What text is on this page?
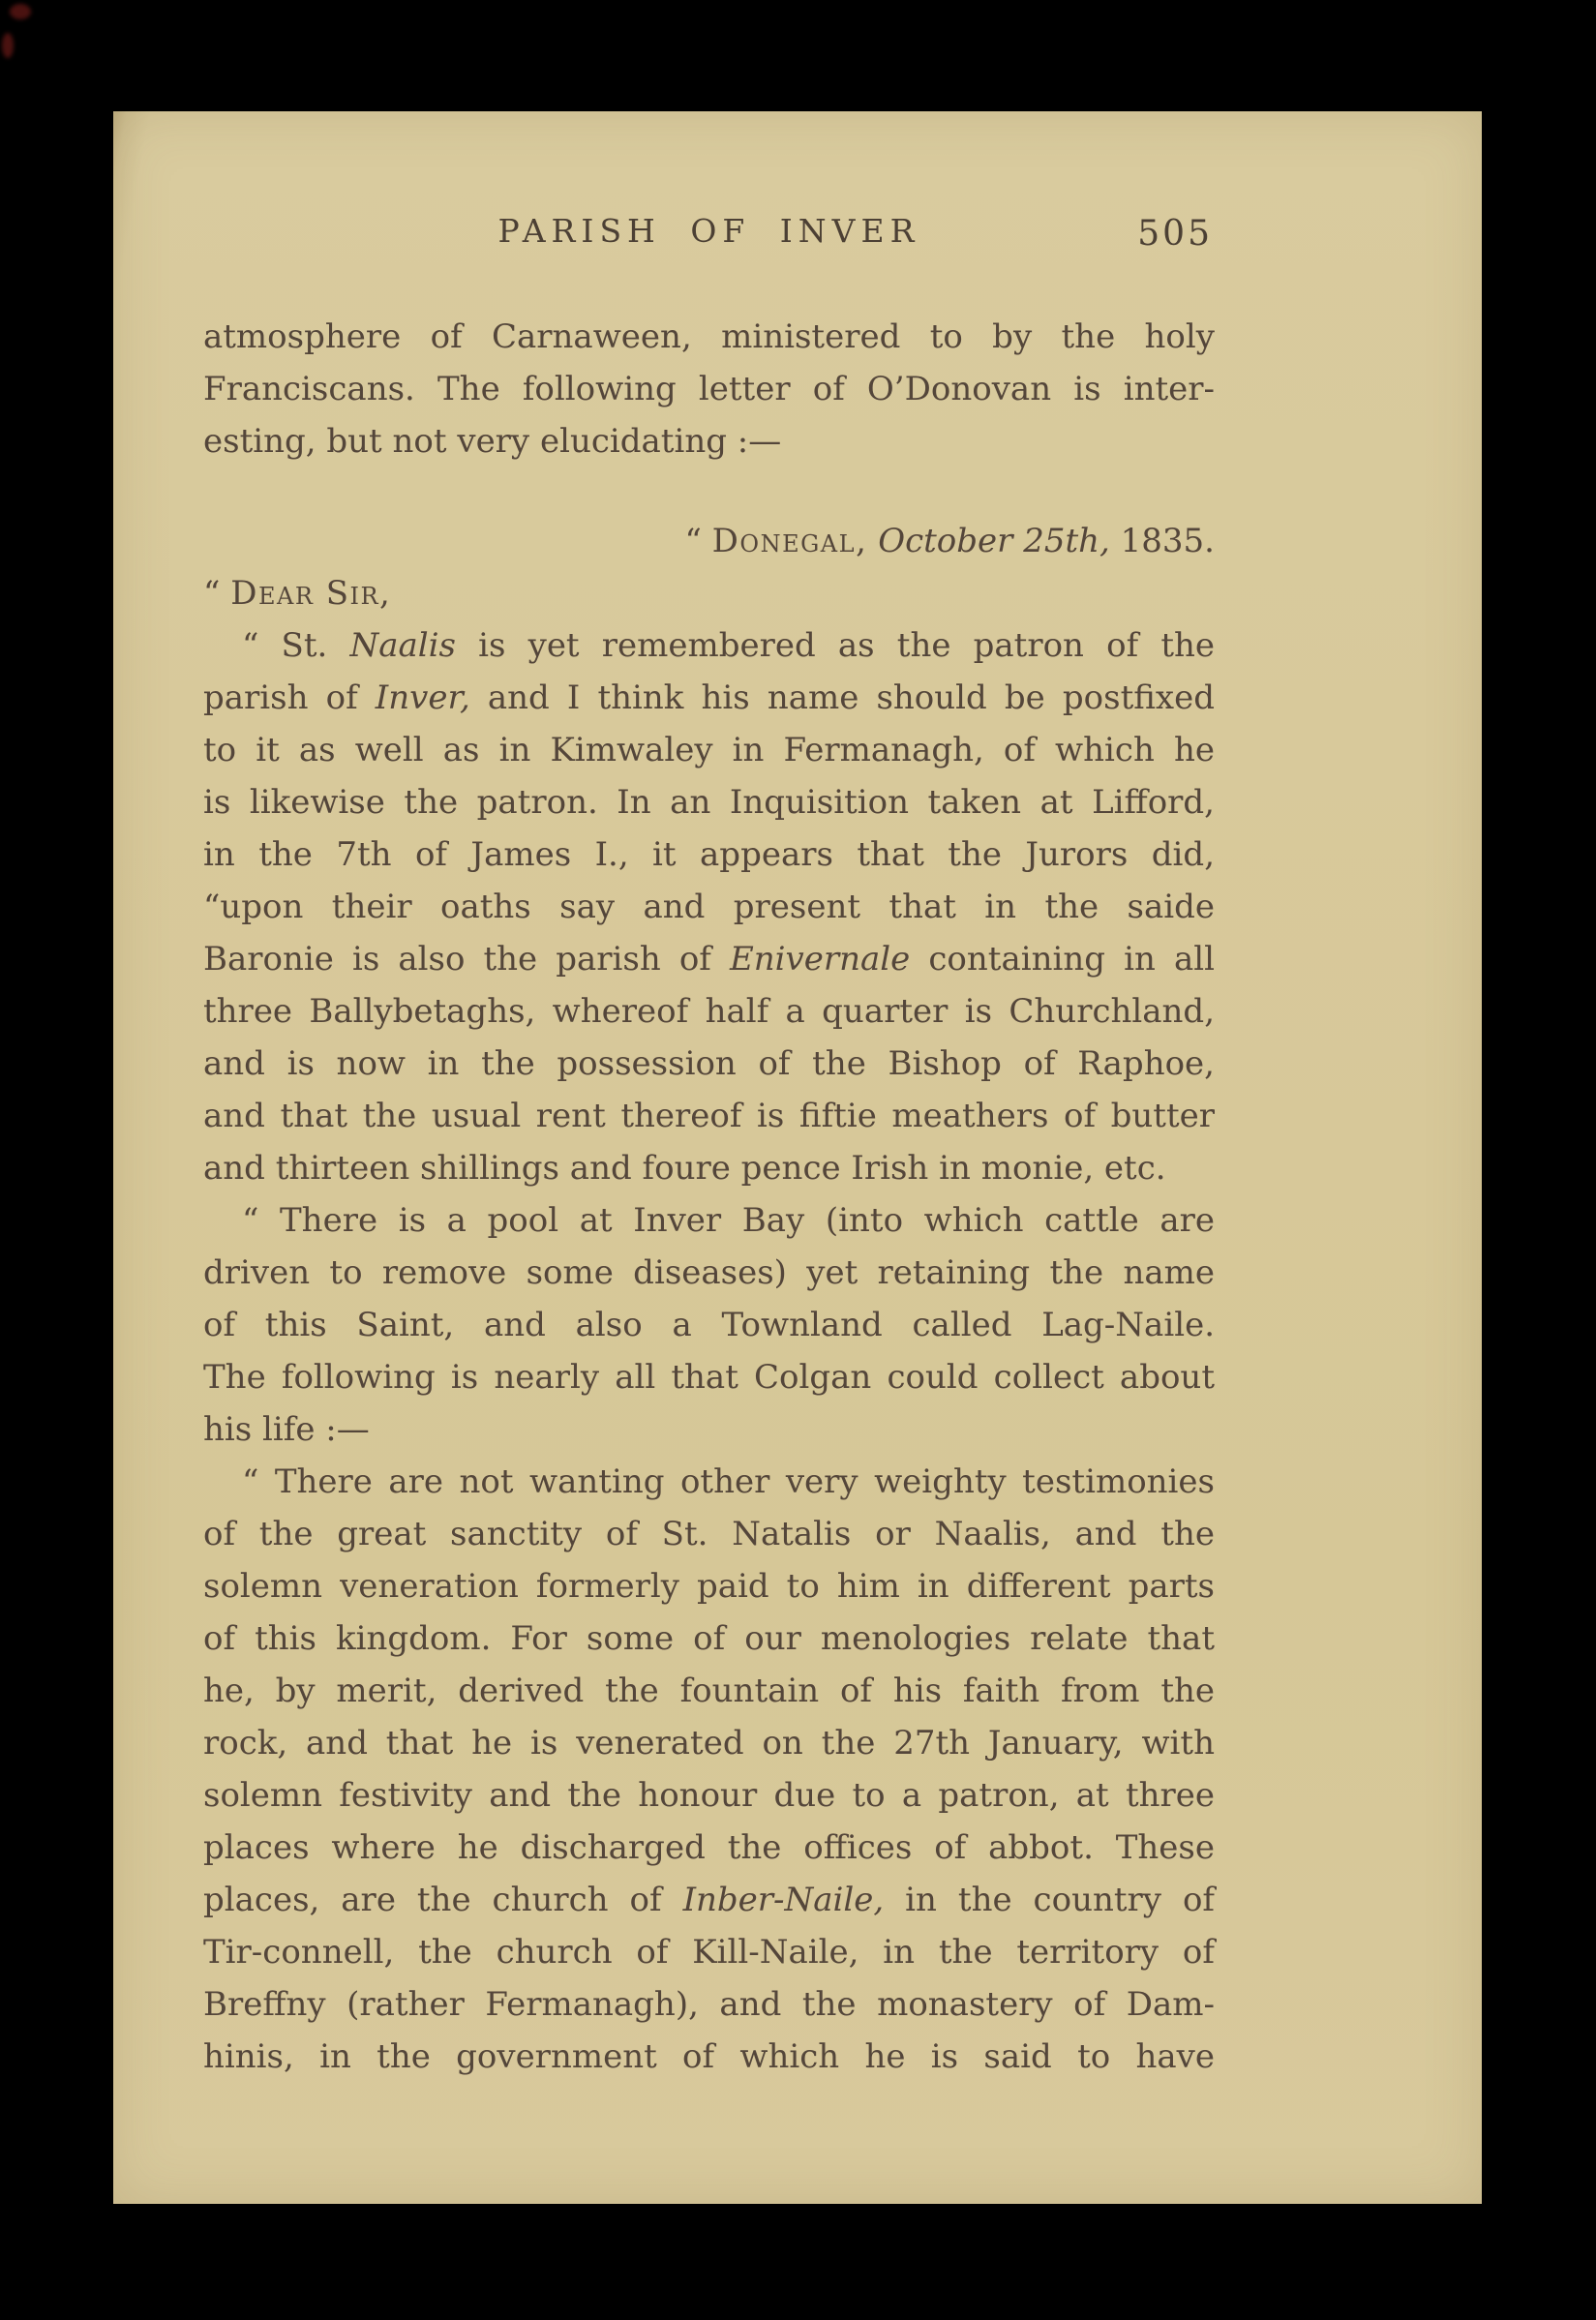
PARISH OF INVER	505
atmosphere of Carnaween, ministered to by the holy
Franciscans. The following letter of O’Donovan is inter-
esting, but not very elucidating :—
“ Donegal, October 25th, 1835.
“ Dear Sir,
“ St. Naalis is yet remembered as the patron of the
parish of Inver, and I think his name should be postfixed
to it as well as in Kimwaley in Fermanagh, of which he
is likewise the patron. In an Inquisition taken at Lifford,
in the 7th of James I., it appears that the Jurors did,
“upon their oaths say and present that in the saide
Baronie is also the parish of Enivernale containing in all
three Ballybetaghs, whereof half a quarter is Churchland,
and is now in the possession of the Bishop of Raphoe,
and that the usual rent thereof is fiftie meathers of butter
and thirteen shillings and foure pence Irish in monie, etc.
“ There is a pool at Inver Bay (into which cattle are
driven to remove some diseases) yet retaining the name
of this Saint, and also a Townland called Lag-Naile.
The following is nearly all that Colgan could collect about
his life :—
“ There are not wanting other very weighty testimonies
of the great sanctity of St. Natalis or Naalis, and the
solemn veneration formerly paid to him in different parts
of this kingdom. For some of our menologies relate that
he, by merit, derived the fountain of his faith from the
rock, and that he is venerated on the 27th January, with
solemn festivity and the honour due to a patron, at three
places where he discharged the offices of abbot. These
places, are the church of Inber-Naile, in the country of
Tir-connell, the church of Kill-Naile, in the territory of
Breffny (rather Fermanagh), and the monastery of Dam-
hinis, in the government of which he is said to have
